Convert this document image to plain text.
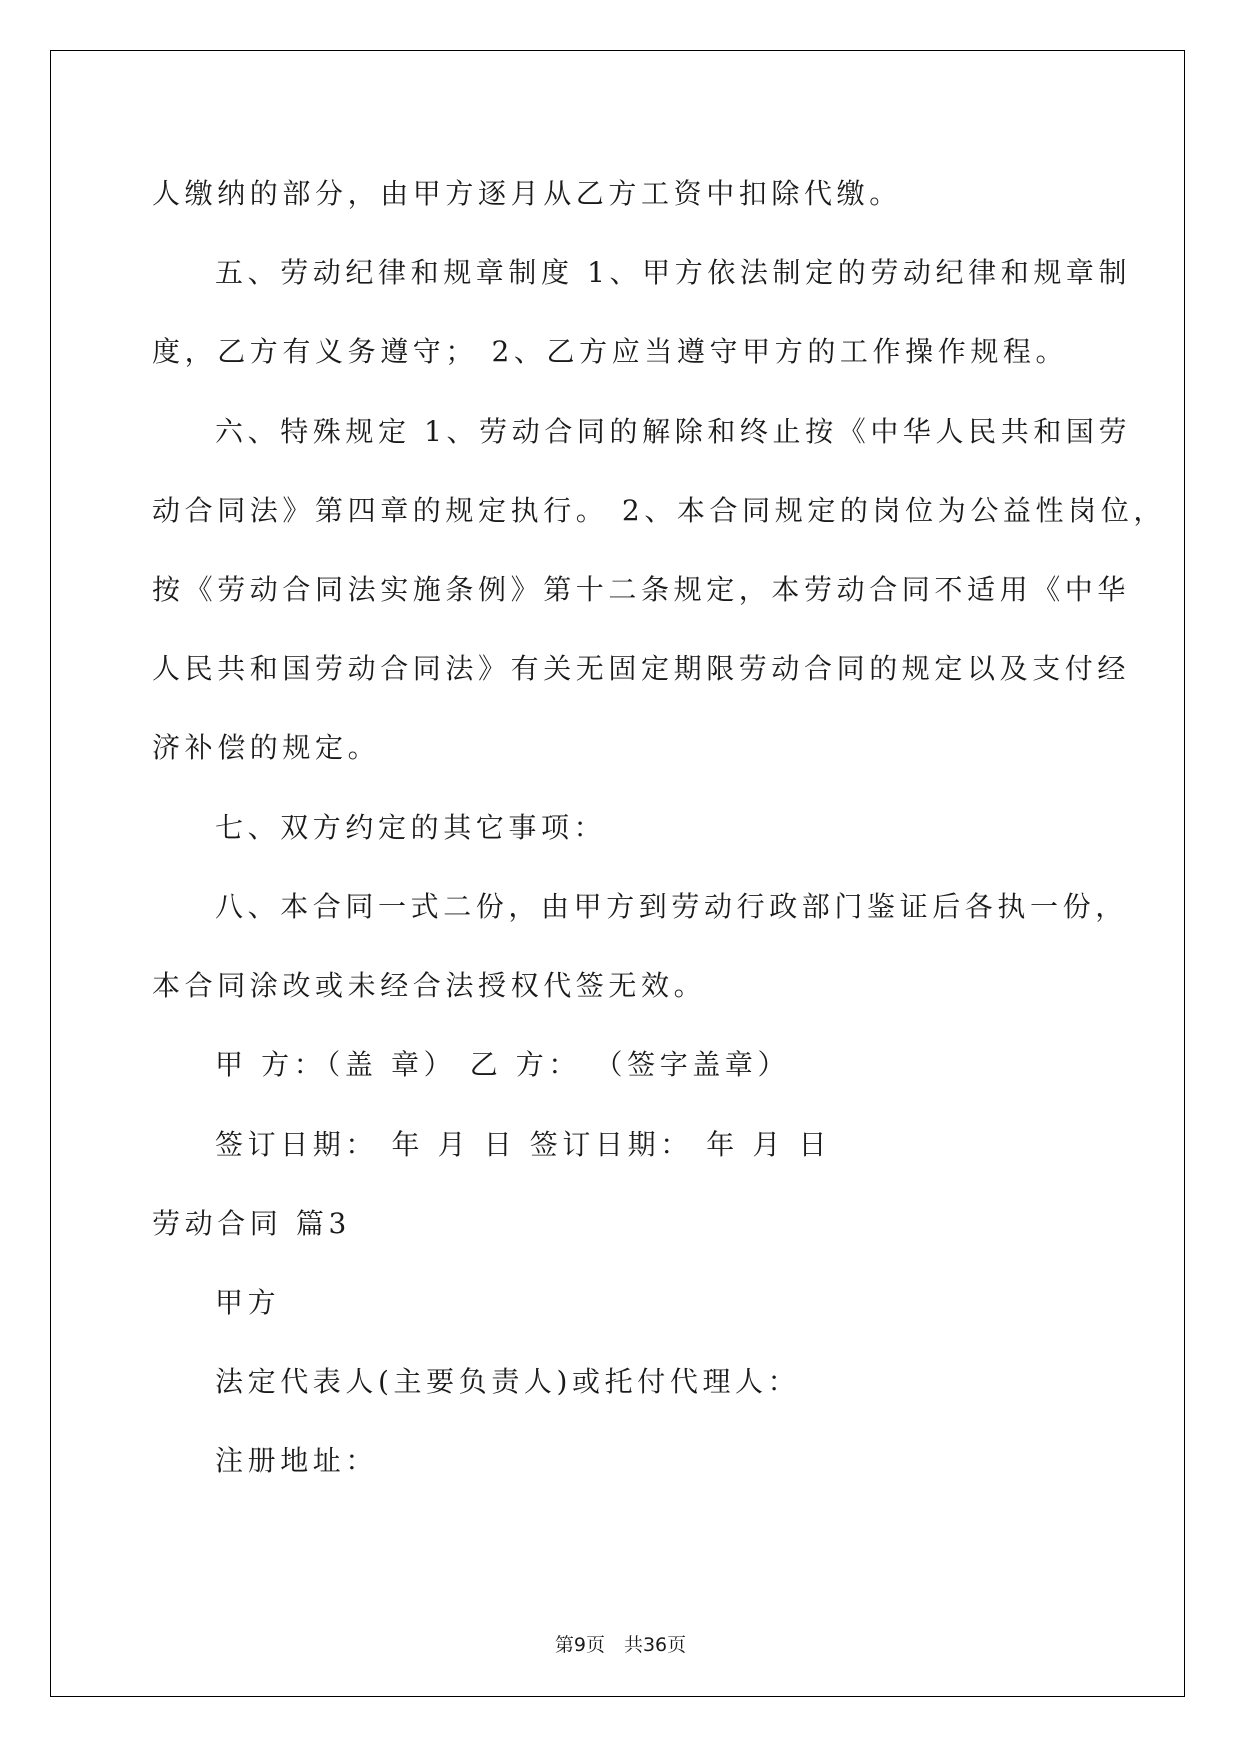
人缴纳的部分，由甲方逐月从乙方工资中扣除代缴。
五、劳动纪律和规章制度 1、甲方依法制定的劳动纪律和规章制
度，乙方有义务遵守； 2、乙方应当遵守甲方的工作操作规程。
六、特殊规定 1、劳动合同的解除和终止按《中华人民共和国劳
动合同法》第四章的规定执行。 2、本合同规定的岗位为公益性岗位，
按《劳动合同法实施条例》第十二条规定，本劳动合同不适用《中华
人民共和国劳动合同法》有关无固定期限劳动合同的规定以及支付经
济补偿的规定。
七、双方约定的其它事项：
八、本合同一式二份，由甲方到劳动行政部门鉴证后各执一份，
本合同涂改或未经合法授权代签无效。
甲 方：（盖 章） 乙 方： （签字盖章）
签订日期： 年 月 日 签订日期： 年 月 日
劳动合同 篇3
甲方
法定代表人(主要负责人)或托付代理人：
注册地址：
第9页　共36页
